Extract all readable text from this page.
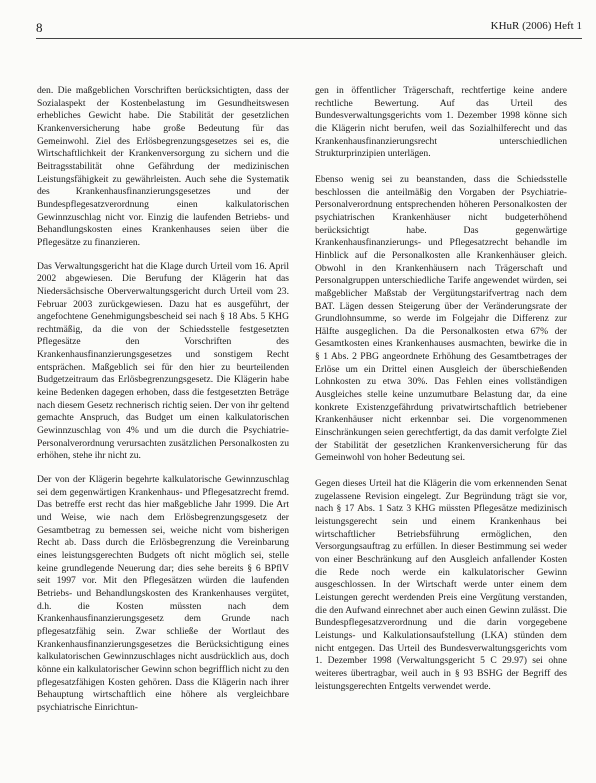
8	KHuR (2006) Heft 1

den. Die maßgeblichen Vorschriften berücksichtigten, dass der Sozialaspekt der Kostenbelastung im Gesundheitswesen erhebliches Gewicht habe. Die Stabilität der gesetzlichen Krankenversicherung habe große Bedeutung für das Gemeinwohl. Ziel des Erlösbegrenzungsgesetzes sei es, die Wirtschaftlichkeit der Krankenversorgung zu sichern und die Beitragsstabilität ohne Gefährdung der medizinischen Leistungsfähigkeit zu gewährleisten. Auch sehe die Systematik des Krankenhausfinanzierungsgesetzes und der Bundespflegesatzverordnung einen kalkulatorischen Gewinnzuschlag nicht vor. Einzig die laufenden Betriebs- und Behandlungskosten eines Krankenhauses seien über die Pflegesätze zu finanzieren.

Das Verwaltungsgericht hat die Klage durch Urteil vom 16. April 2002 abgewiesen. Die Berufung der Klägerin hat das Niedersächsische Oberverwaltungsgericht durch Urteil vom 23. Februar 2003 zurückgewiesen. Dazu hat es ausgeführt, der angefochtene Genehmigungsbescheid sei nach § 18 Abs. 5 KHG rechtmäßig, da die von der Schiedsstelle festgesetzten Pflegesätze den Vorschriften des Krankenhausfinanzierungsgesetzes und sonstigem Recht entsprächen. Maßgeblich sei für den hier zu beurteilenden Budgetzeitraum das Erlösbegrenzungsgesetz. Die Klägerin habe keine Bedenken dagegen erhoben, dass die festgesetzten Beträge nach diesem Gesetz rechnerisch richtig seien. Der von ihr geltend gemachte Anspruch, das Budget um einen kalkulatorischen Gewinnzuschlag von 4% und um die durch die Psychiatrie-Personalverordnung verursachten zusätzlichen Personalkosten zu erhöhen, stehe ihr nicht zu.

Der von der Klägerin begehrte kalkulatorische Gewinnzuschlag sei dem gegenwärtigen Krankenhaus- und Pflegesatzrecht fremd. Das betreffe erst recht das hier maßgebliche Jahr 1999. Die Art und Weise, wie nach dem Erlösbegrenzungsgesetz der Gesamtbetrag zu bemessen sei, weiche nicht vom bisherigen Recht ab. Dass durch die Erlösbegrenzung die Vereinbarung eines leistungsgerechten Budgets oft nicht möglich sei, stelle keine grundlegende Neuerung dar; dies sehe bereits § 6 BPflV seit 1997 vor. Mit den Pflegesätzen würden die laufenden Betriebs- und Behandlungskosten des Krankenhauses vergütet, d.h. die Kosten müssten nach dem Krankenhausfinanzierungsgesetz dem Grunde nach pflegesatzfähig sein. Zwar schließe der Wortlaut des Krankenhausfinanzierungsgesetzes die Berücksichtigung eines kalkulatorischen Gewinnzuschlages nicht ausdrücklich aus, doch könne ein kalkulatorischer Gewinn schon begrifflich nicht zu den pflegesatzfähigen Kosten gehören. Dass die Klägerin nach ihrer Behauptung wirtschaftlich eine höhere als vergleichbare psychiatrische Einrichtun-

gen in öffentlicher Trägerschaft, rechtfertige keine andere rechtliche Bewertung. Auf das Urteil des Bundesverwaltungsgerichts vom 1. Dezember 1998 könne sich die Klägerin nicht berufen, weil das Sozialhilferecht und das Krankenhausfinanzierungsrecht unterschiedlichen Strukturprinzipien unterlägen.

Ebenso wenig sei zu beanstanden, dass die Schiedsstelle beschlossen die anteilmäßig den Vorgaben der Psychiatrie-Personalverordnung entsprechenden höheren Personalkosten der psychiatrischen Krankenhäuser nicht budgeterhöhend berücksichtigt habe. Das gegenwärtige Krankenhausfinanzierungs- und Pflegesatzrecht behandle im Hinblick auf die Personalkosten alle Krankenhäuser gleich. Obwohl in den Krankenhäusern nach Trägerschaft und Personalgruppen unterschiedliche Tarife angewendet würden, sei maßgeblicher Maßstab der Vergütungstarifvertrag nach dem BAT. Lägen dessen Steigerung über der Veränderungsrate der Grundlohnsumme, so werde im Folgejahr die Differenz zur Hälfte ausgeglichen. Da die Personalkosten etwa 67% der Gesamtkosten eines Krankenhauses ausmachten, bewirke die in § 1 Abs. 2 PBG angeordnete Erhöhung des Gesamtbetrages der Erlöse um ein Drittel einen Ausgleich der überschießenden Lohnkosten zu etwa 30%. Das Fehlen eines vollständigen Ausgleiches stelle keine unzumutbare Belastung dar, da eine konkrete Existenzgefährdung privatwirtschaftlich betriebener Krankenhäuser nicht erkennbar sei. Die vorgenommenen Einschränkungen seien gerechtfertigt, da das damit verfolgte Ziel der Stabilität der gesetzlichen Krankenversicherung für das Gemeinwohl von hoher Bedeutung sei.

Gegen dieses Urteil hat die Klägerin die vom erkennenden Senat zugelassene Revision eingelegt. Zur Begründung trägt sie vor, nach § 17 Abs. 1 Satz 3 KHG müssten Pflegesätze medizinisch leistungsgerecht sein und einem Krankenhaus bei wirtschaftlicher Betriebsführung ermöglichen, den Versorgungsauftrag zu erfüllen. In dieser Bestimmung sei weder von einer Beschränkung auf den Ausgleich anfallender Kosten die Rede noch werde ein kalkulatorischer Gewinn ausgeschlossen. In der Wirtschaft werde unter einem dem Leistungen gerecht werdenden Preis eine Vergütung verstanden, die den Aufwand einrechnet aber auch einen Gewinn zulässt. Die Bundespflegesatzverordnung und die darin vorgegebene Leistungs- und Kalkulationsaufstellung (LKA) stünden dem nicht entgegen. Das Urteil des Bundesverwaltungsgerichts vom 1. Dezember 1998 (Verwaltungsgericht 5 C 29.97) sei ohne weiteres übertragbar, weil auch in § 93 BSHG der Begriff des leistungsgerechten Entgelts verwendet werde.
